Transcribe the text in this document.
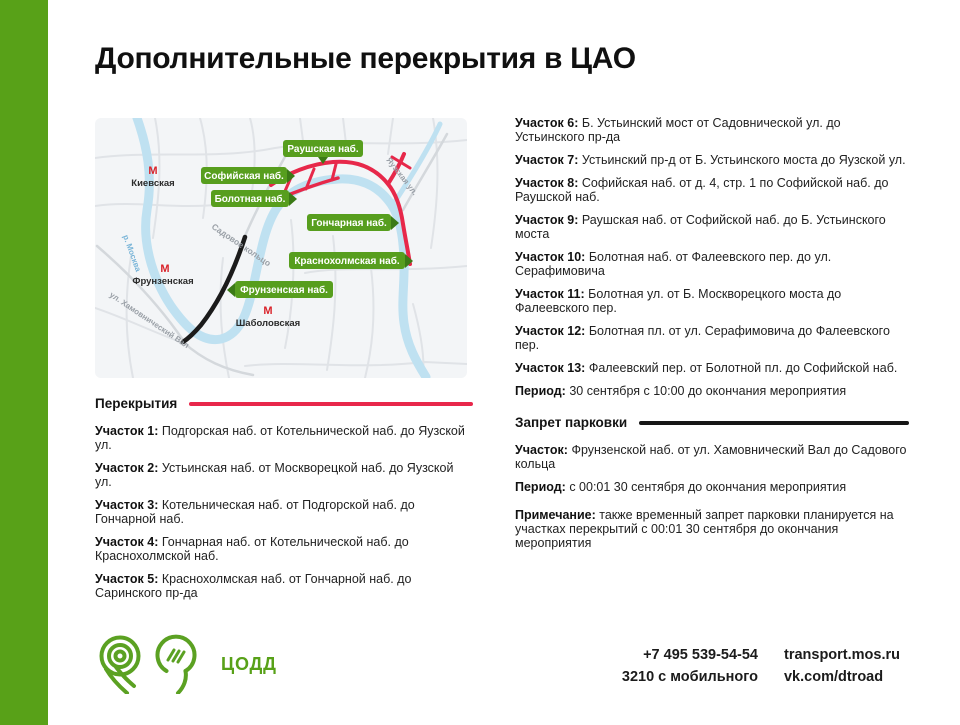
Дополнительные перекрытия в ЦАО
Садовое кольцо
ул. Хамовнический Вал
Яузская ул.
р. Москва
М
Киевская
М
Фрунзенская
М
Шаболовская
Раушская наб.
Софийская наб.
Болотная наб.
Гончарная наб.
Краснохолмская наб.
Фрунзенская наб.
Перекрытия

Участок 1: Подгорская наб. от Котельнической наб. до Яузской ул.

Участок 2: Устьинская наб. от Москворецкой наб. до Яузской ул.

Участок 3: Котельническая наб. от Подгорской наб. до Гончарной наб.

Участок 4: Гончарная наб. от Котельнической наб. до Краснохолмской наб.

Участок 5: Краснохолмская наб. от Гончарной наб. до Саринского пр-да

Участок 6: Б. Устьинский мост от Садовнической ул. до Устьинского пр-да

Участок 7: Устьинский пр-д от Б. Устьинского моста до Яузской ул.

Участок 8: Софийская наб. от д. 4, стр. 1 по Софийской наб. до Раушской наб.

Участок 9: Раушская наб. от Софийской наб. до Б. Устьинского моста

Участок 10: Болотная наб. от Фалеевского пер. до ул. Серафимовича

Участок 11: Болотная ул. от Б. Москворецкого моста до Фалеевского пер.

Участок 12: Болотная пл. от ул. Серафимовича до Фалеевского пер.

Участок 13: Фалеевский пер. от Болотной пл. до Софийской наб.

Период: 30 сентября с 10:00 до окончания мероприятия

Запрет парковки

Участок: Фрунзенской наб. от ул. Хамовнический Вал до Садового кольца

Период: с 00:01 30 сентября до окончания мероприятия

Примечание: также временный запрет парковки планируется на участках перекрытий с 00:01 30 сентября до окончания мероприятия

ЦОДД	+7 495 539-54-54
3210 с мобильного
transport.mos.ru
vk.com/dtroad
